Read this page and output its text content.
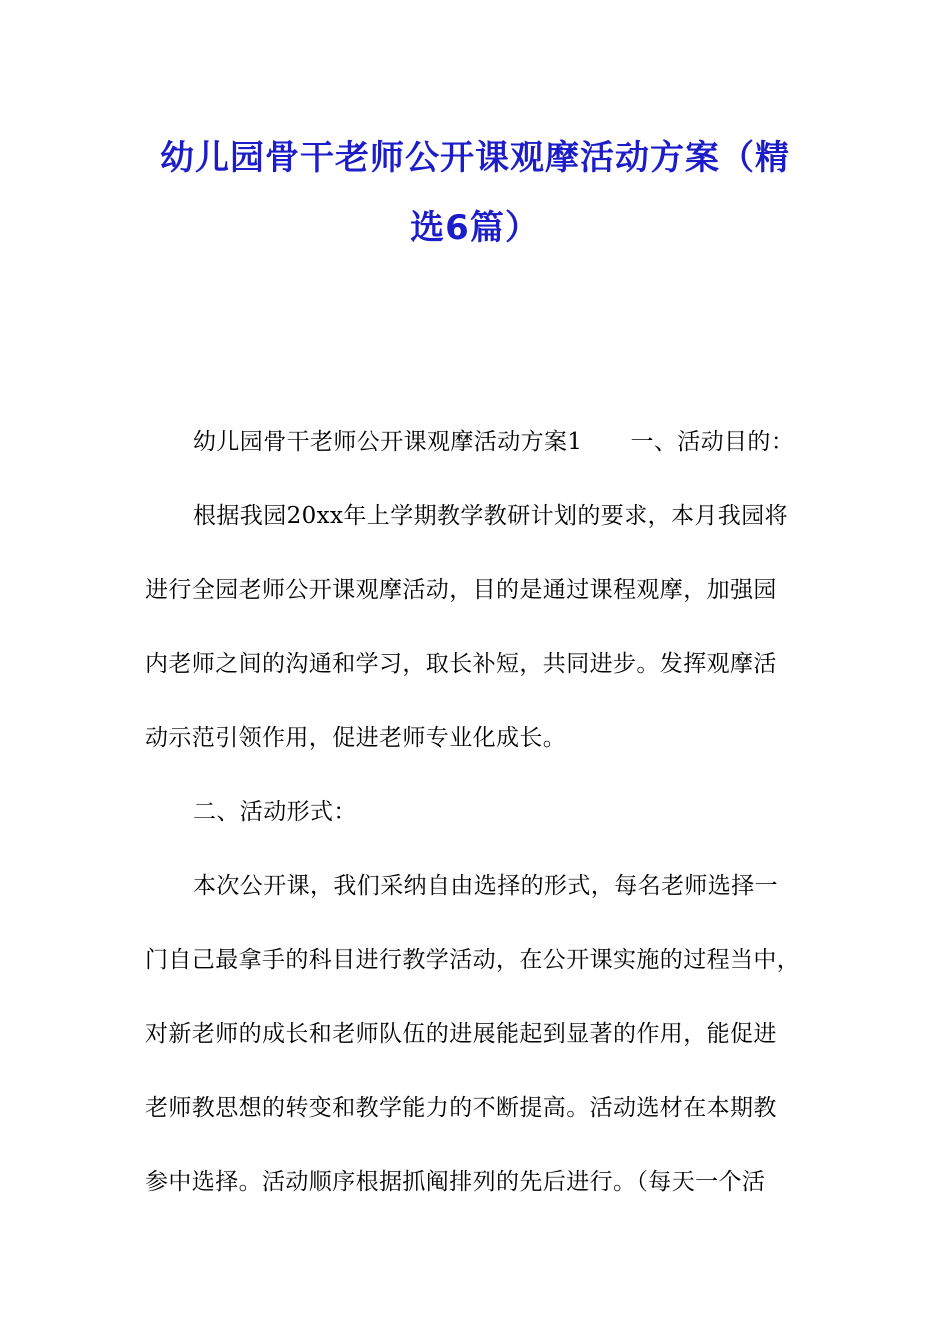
幼儿园骨干老师公开课观摩活动方案（精
选6篇）
幼儿园骨干老师公开课观摩活动方案1 一、活动目的：
根据我园20xx年上学期教学教研计划的要求，本月我园将
进行全园老师公开课观摩活动，目的是通过课程观摩，加强园
内老师之间的沟通和学习，取长补短，共同进步。发挥观摩活
动示范引领作用，促进老师专业化成长。
二、活动形式：
本次公开课，我们采纳自由选择的形式，每名老师选择一
门自己最拿手的科目进行教学活动，在公开课实施的过程当中，
对新老师的成长和老师队伍的进展能起到显著的作用，能促进
老师教思想的转变和教学能力的不断提高。活动选材在本期教
参中选择。活动顺序根据抓阄排列的先后进行。（每天一个活
